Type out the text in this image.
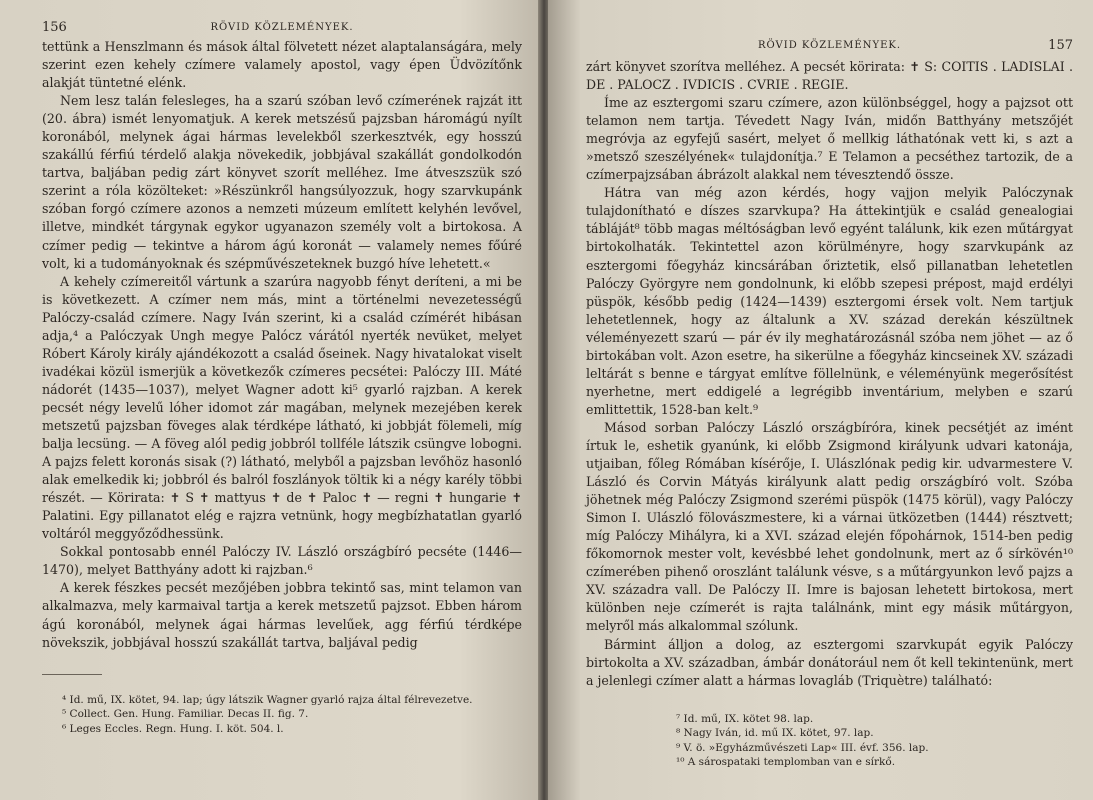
156	RÖVID KÖZLEMÉNYEK.

tettünk a Henszlmann és mások által fölvetett nézet alaptalanságára, mely szerint ezen kehely czímere valamely apostol, vagy épen Üdvözítőnk alakját tüntetné elénk.

Nem lesz talán felesleges, ha a szarú szóban levő czímerének rajzát itt (20. ábra) ismét lenyomatjuk. A kerek metszésű pajzsban háromágú nyílt koronából, melynek ágai hármas levelekből szerkesztvék, egy hosszú szakállú férfiú térdelő alakja növekedik, jobbjával szakállát gondolkodón tartva, baljában pedig zárt könyvet szorít melléhez. Ime átveszszük szó szerint a róla közölteket: »Részünkről hangsúlyozzuk, hogy szarvkupánk szóban forgó czímere azonos a nemzeti múzeum említett kelyhén levővel, illetve, mindkét tárgynak egykor ugyanazon személy volt a birtokosa. A czímer pedig — tekintve a három ágú koronát — valamely nemes főúré volt, ki a tudományoknak és szépművészeteknek buzgó híve lehetett.«

A kehely czímereitől vártunk a szarúra nagyobb fényt deríteni, a mi be is következett. A czímer nem más, mint a történelmi nevezetességű Palóczy-család czímere. Nagy Iván szerint, ki a család czímérét hibásan adja,⁴ a Palóczyak Ungh megye Palócz várától nyerték nevüket, melyet Róbert Károly király ajándékozott a család őseinek. Nagy hivatalokat viselt ivadékai közül ismerjük a következők czímeres pecsétei: Palóczy III. Máté nádorét (1435—1037), melyet Wagner adott ki⁵ gyarló rajzban. A kerek pecsét négy levelű lóher idomot zár magában, melynek mezejében kerek metszetű pajzsban föveges alak térdképe látható, ki jobbját fölemeli, míg balja lecsüng. — A föveg alól pedig jobbról tollféle látszik csüngve lobogni. A pajzs felett koronás sisak (?) látható, melyből a pajzsban levőhöz hasonló alak emelkedik ki; jobbról és balról foszlányok töltik ki a négy karély többi részét. — Köriratа: ✝ S ✝ mattyus ✝ de ✝ Paloc ✝ — regni ✝ hungarie ✝ Palatini. Egy pillanatot elég e rajzra vetnünk, hogy megbízhatatlan gyarló voltáról meggyőződhessünk.

Sokkal pontosabb ennél Palóczy IV. László országbíró pecséte (1446—1470), melyet Batthyány adott ki rajzban.⁶

A kerek fészkes pecsét mezőjében jobbra tekintő sas, mint telamon van alkalmazva, mely karmaival tartja a kerek metszetű pajzsot. Ebben három ágú koronából, melynek ágai hármas levelűek, agg férfiú térdképe növekszik, jobbjával hosszú szakállát tartva, baljával pedig

⁴ Id. mű, IX. kötet, 94. lap; úgy látszik Wagner gyarló rajza által félrevezetve.
⁵ Collect. Gen. Hung. Familiar. Decas II. fig. 7.
⁶ Leges Eccles. Regn. Hung. I. köt. 504. l.
RÖVID KÖZLEMÉNYEK.	157

zárt könyvet szorítva melléhez. A pecsét körirata: ✝ S: COITIS . LADISLAI . DE . PALOCZ . IVDICIS . CVRIE . REGIE.

Íme az esztergomi szaru czímere, azon különbséggel, hogy a pajzsot ott telamon nem tartja. Tévedett Nagy Iván, midőn Batthyány metszőjét megróvja az egyfejű sasért, melyet ő mellkig láthatónak vett ki, s azt a »metsző szeszélyének« tulajdonítja.⁷ E Telamon a pecséthez tartozik, de a czímerpajzsában ábrázolt alakkal nem tévesztendő össze.

Hátra van még azon kérdés, hogy vajjon melyik Palóczynak tulajdonítható e díszes szarvkupa? Ha áttekintjük e család genealogiai tábláját⁸ több magas méltóságban levő egyént találunk, kik ezen műtárgyat birtokolhaták. Tekintettel azon körülményre, hogy szarvkupánk az esztergomi főegyház kincsárában őriztetik, első pillanatban lehetetlen Palóczy Györgyre nem gondolnunk, ki előbb szepesi prépost, majd erdélyi püspök, később pedig (1424—1439) esztergomi érsek volt. Nem tartjuk lehetetlennek, hogy az általunk a XV. század derekán készültnek véleményezett szarú — pár év ily meghatározásnál szóba nem jöhet — az ő birtokában volt. Azon esetre, ha sikerülne a főegyház kincseinek XV. századi leltárát s benne e tárgyat említve föllelnünk, e véleményünk megerősítést nyerhetne, mert eddigelé a legrégibb inventárium, melyben e szarú emlittettik, 1528-ban kelt.⁹

Másod sorban Palóczy László országbíróra, kinek pecsétjét az imént írtuk le, eshetik gyanúnk, ki előbb Zsigmond királyunk udvari katonája, utjaiban, főleg Rómában kísérője, I. Ulászlónak pedig kir. udvarmestere V. László és Corvin Mátyás királyunk alatt pedig országbíró volt. Szóba jöhetnek még Palóczy Zsigmond szerémi püspök (1475 körül), vagy Palóczy Simon I. Ulászló fölovászmestere, ki a várnai ütközetben (1444) résztvett; míg Palóczy Mihályra, ki a XVI. század elején főpohárnok, 1514-ben pedig főkomornok mester volt, kevésbbé lehet gondolnunk, mert az ő sírkövén¹⁰ czímerében pihenő oroszlánt találunk vésve, s a műtárgyunkon levő pajzs a XV. századra vall. De Palóczy II. Imre is bajosan lehetett birtokosa, mert különben neje czímerét is rajta találnánk, mint egy másik műtárgyon, melyről más alkalommal szólunk.

Bármint álljon a dolog, az esztergomi szarvkupát egyik Palóczy birtokolta a XV. században, ámbár donátorául nem őt kell tekintenünk, mert a jelenlegi czímer alatt a hármas lovagláb (Triquètre) található:

⁷ Id. mű, IX. kötet 98. lap.
⁸ Nagy Iván, id. mű IX. kötet, 97. lap.
⁹ V. ö. »Egyházművészeti Lap« III. évf. 356. lap.
¹⁰ A sárospataki templomban van e sírkő.
